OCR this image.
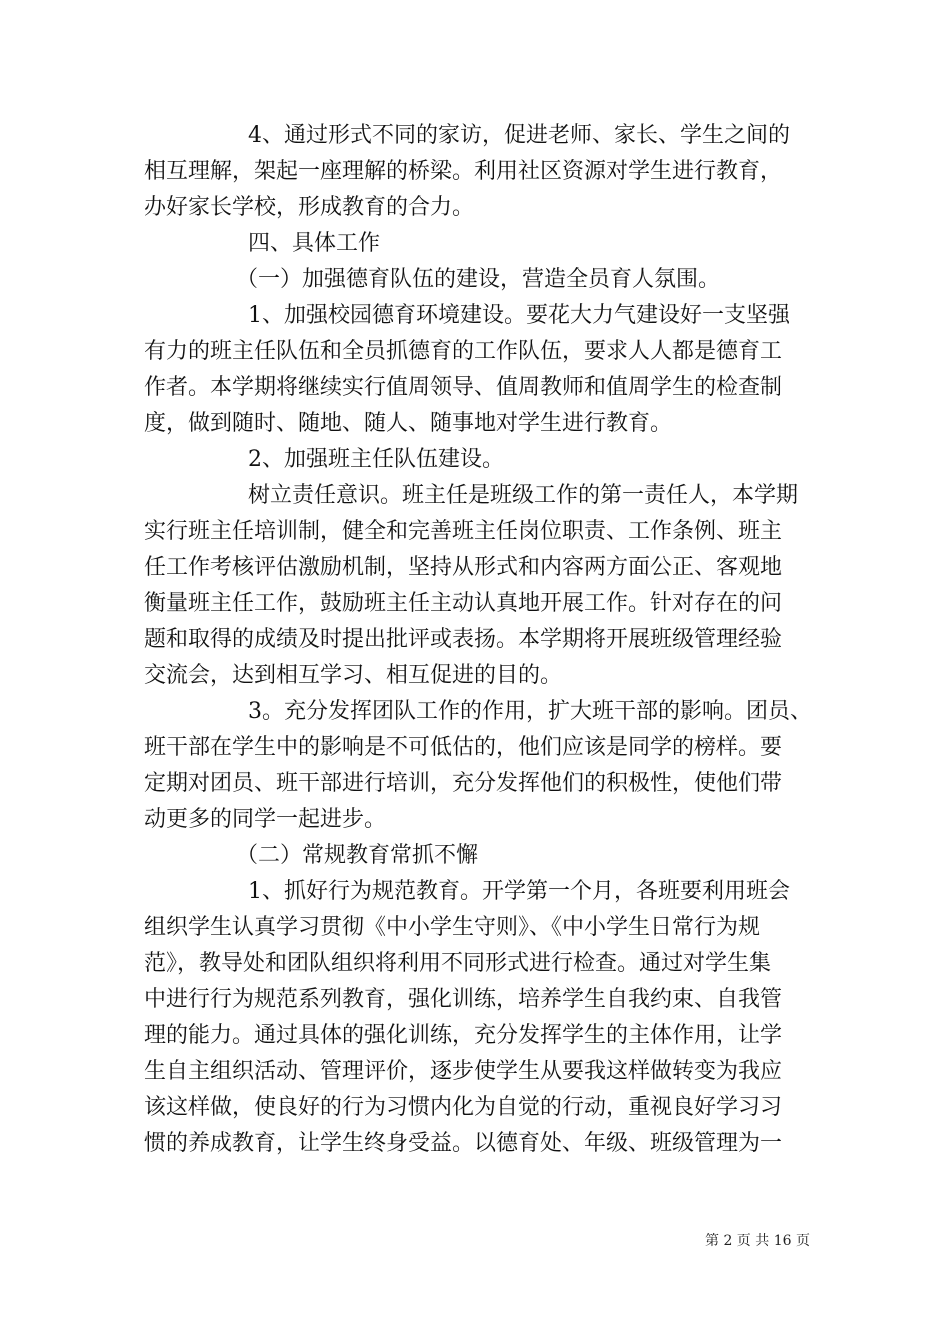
4、通过形式不同的家访，促进老师、家长、学生之间的

相互理解，架起一座理解的桥梁。利用社区资源对学生进行教育，

办好家长学校，形成教育的合力。

四、具体工作

（一）加强德育队伍的建设，营造全员育人氛围。

1、加强校园德育环境建设。要花大力气建设好一支坚强

有力的班主任队伍和全员抓德育的工作队伍，要求人人都是德育工

作者。本学期将继续实行值周领导、值周教师和值周学生的检查制

度，做到随时、随地、随人、随事地对学生进行教育。

2、加强班主任队伍建设。

树立责任意识。班主任是班级工作的第一责任人，本学期

实行班主任培训制，健全和完善班主任岗位职责、工作条例、班主

任工作考核评估激励机制，坚持从形式和内容两方面公正、客观地

衡量班主任工作，鼓励班主任主动认真地开展工作。针对存在的问

题和取得的成绩及时提出批评或表扬。本学期将开展班级管理经验

交流会，达到相互学习、相互促进的目的。

3。充分发挥团队工作的作用，扩大班干部的影响。团员、

班干部在学生中的影响是不可低估的，他们应该是同学的榜样。要

定期对团员、班干部进行培训，充分发挥他们的积极性，使他们带

动更多的同学一起进步。

（二）常规教育常抓不懈

1、抓好行为规范教育。开学第一个月，各班要利用班会

组织学生认真学习贯彻《中小学生守则》、《中小学生日常行为规

范》，教导处和团队组织将利用不同形式进行检查。通过对学生集

中进行行为规范系列教育，强化训练，培养学生自我约束、自我管

理的能力。通过具体的强化训练，充分发挥学生的主体作用，让学

生自主组织活动、管理评价，逐步使学生从要我这样做转变为我应

该这样做，使良好的行为习惯内化为自觉的行动，重视良好学习习

惯的养成教育，让学生终身受益。以德育处、年级、班级管理为一

第 2 页 共 16 页
